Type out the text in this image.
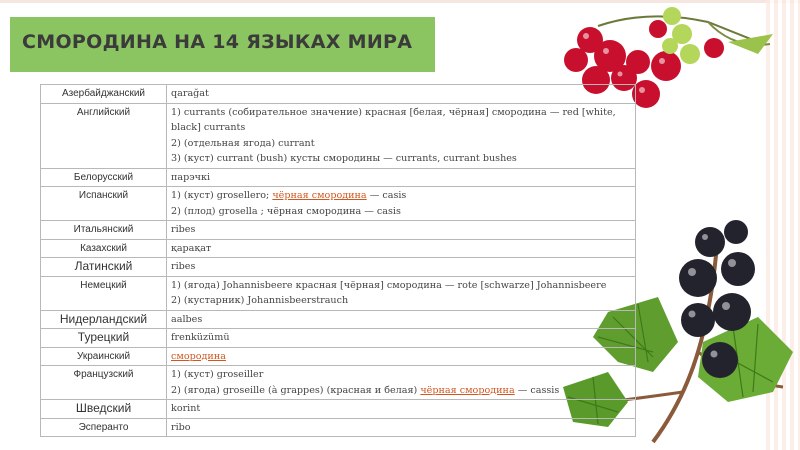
СМОРОДИНА НА 14 ЯЗЫКАХ МИРА
Азербайджанский	qarağat

Английский	1) currants (собирательное значение) красная [белая, чёрная] смородина — red [white,
black] currants
2) (отдельная ягода) currant
3) (куст) currant (bush) кусты смородины — currants, currant bushes

Белорусский	парэчкі

Испанский	1) (куст) grosellero; чёрная смородина — casis
2) (плод) grosella ; чёрная смородина — casis

Итальянский	ribes

Казахский	қарақат

Латинский	ribes

Немецкий	1) (ягода) Johannisbeere красная [чёрная] смородина — rote [schwarze] Johannisbeere
2) (кустарник) Johannisbeerstrauch

Нидерландский	aalbes

Турецкий	frenküzümü

Украинский	смородина

Французский	1) (куст) groseiller
2) (ягода) groseille (à grappes) (красная и белая) чёрная смородина — cassis

Шведский	korint

Эсперанто	ribo
